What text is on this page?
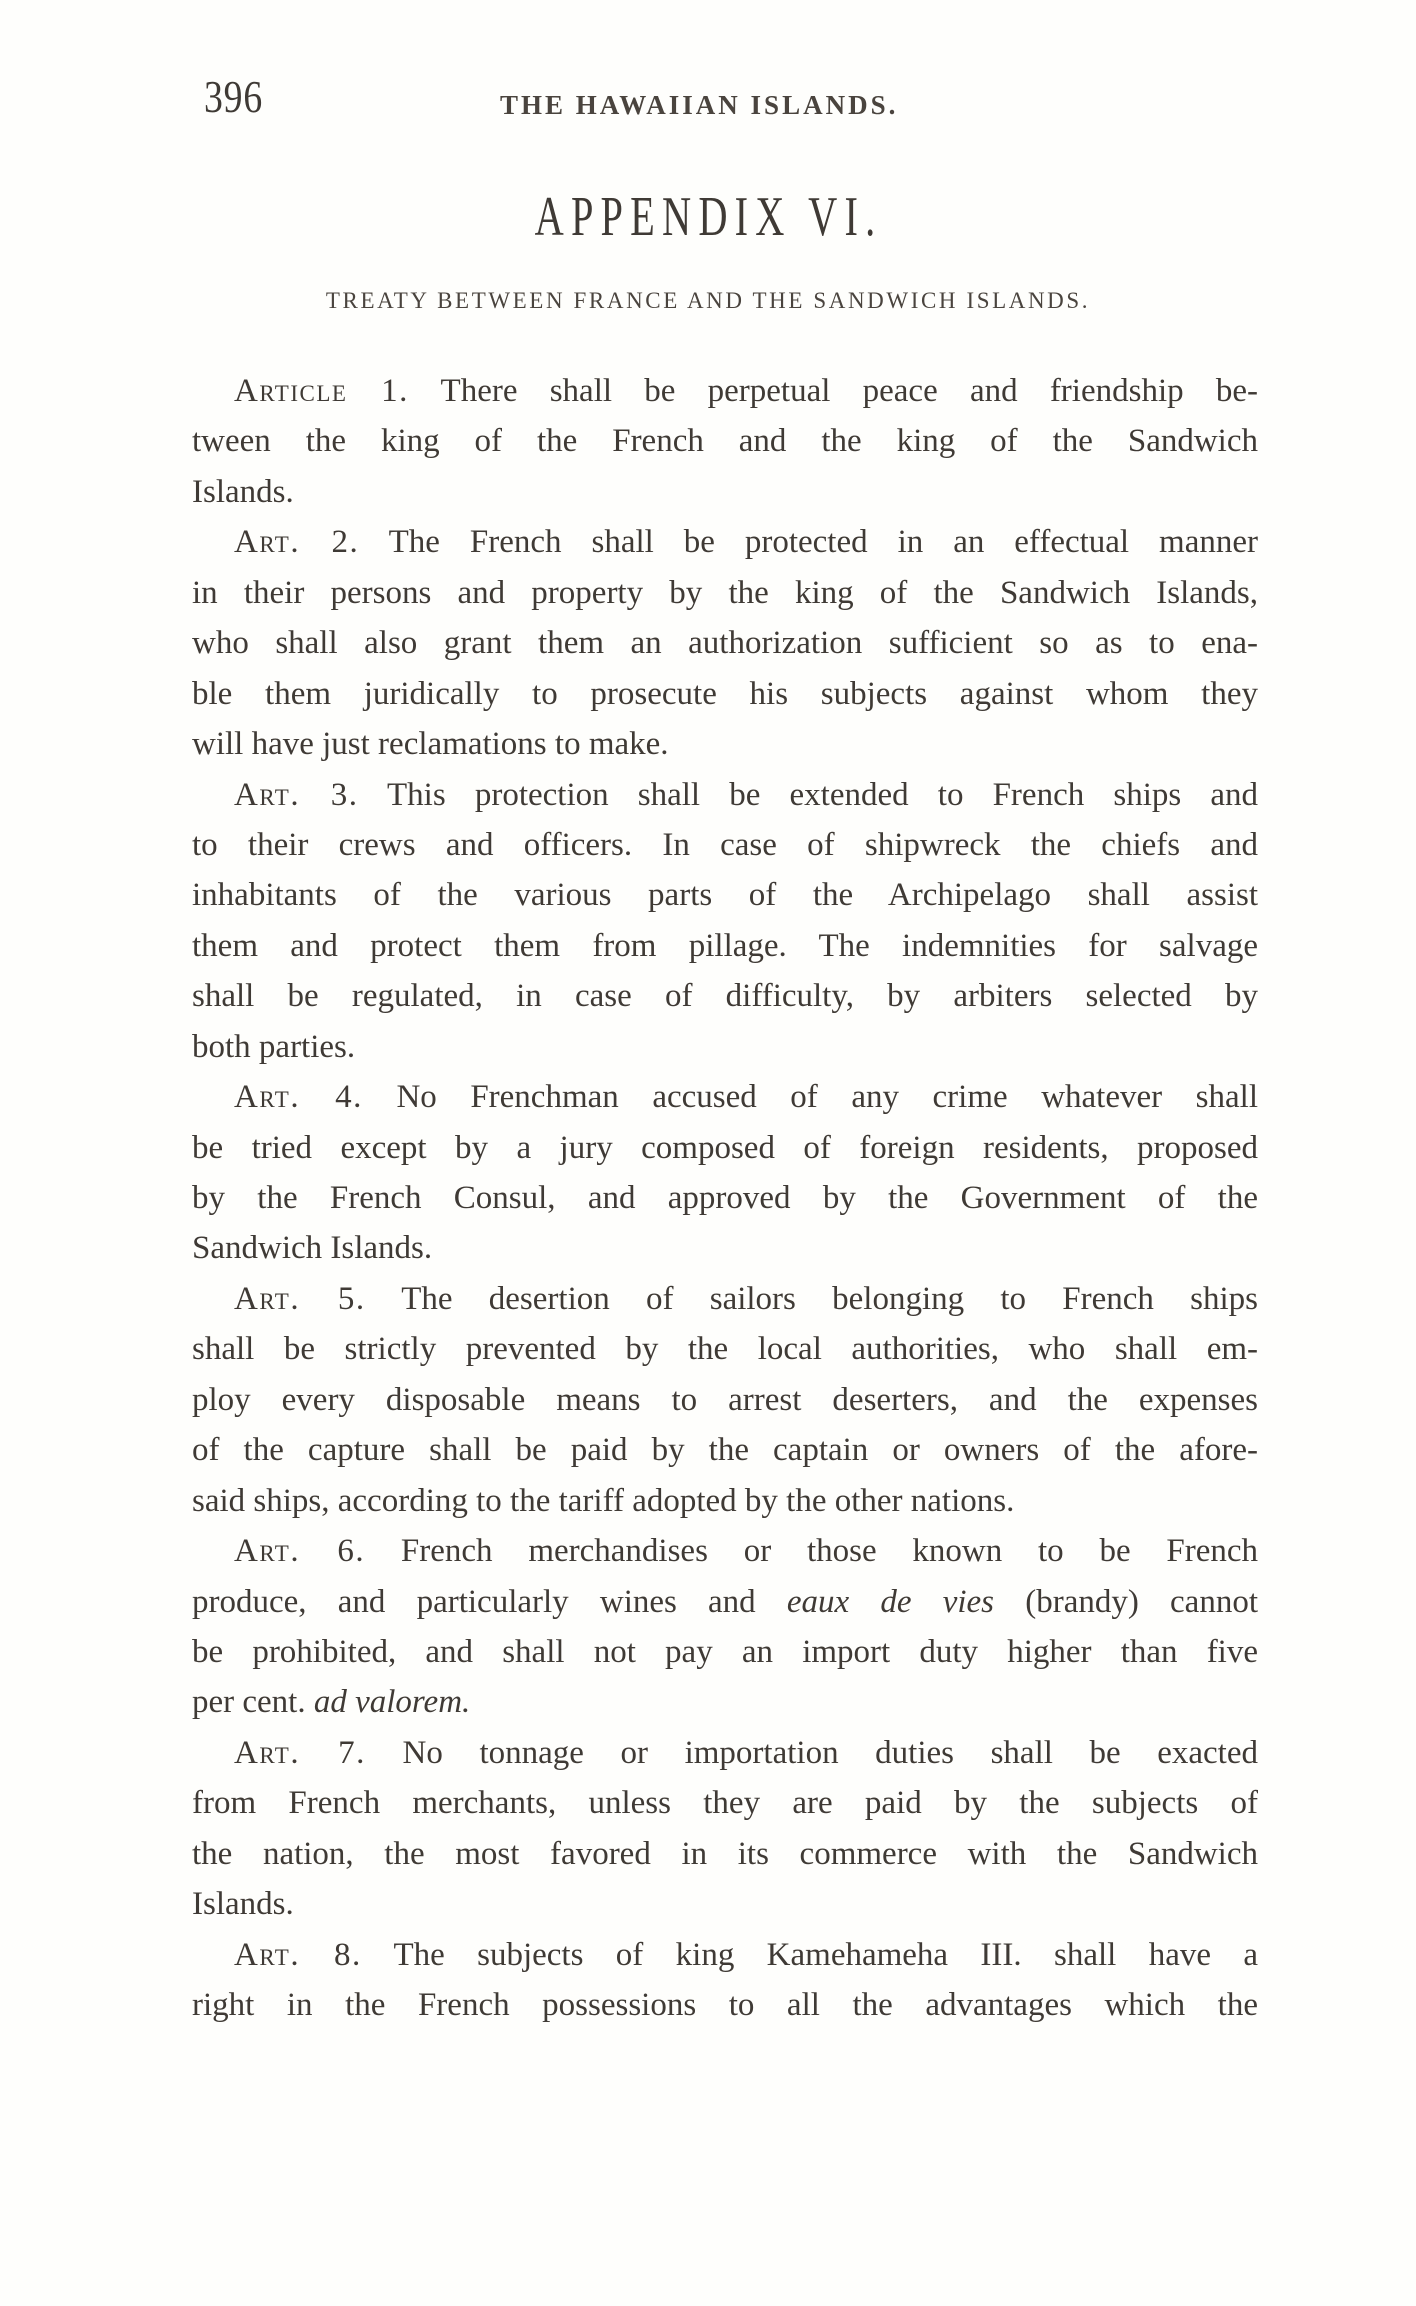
396	THE HAWAIIAN ISLANDS.
APPENDIX VI.
TREATY BETWEEN FRANCE AND THE SANDWICH ISLANDS.
Article 1. There shall be perpetual peace and friendship be-
tween the king of the French and the king of the Sandwich
Islands.
Art. 2. The French shall be protected in an effectual manner
in their persons and property by the king of the Sandwich Islands,
who shall also grant them an authorization sufficient so as to ena-
ble them juridically to prosecute his subjects against whom they
will have just reclamations to make.
Art. 3. This protection shall be extended to French ships and
to their crews and officers. In case of shipwreck the chiefs and
inhabitants of the various parts of the Archipelago shall assist
them and protect them from pillage. The indemnities for salvage
shall be regulated, in case of difficulty, by arbiters selected by
both parties.
Art. 4. No Frenchman accused of any crime whatever shall
be tried except by a jury composed of foreign residents, proposed
by the French Consul, and approved by the Government of the
Sandwich Islands.
Art. 5. The desertion of sailors belonging to French ships
shall be strictly prevented by the local authorities, who shall em-
ploy every disposable means to arrest deserters, and the expenses
of the capture shall be paid by the captain or owners of the afore-
said ships, according to the tariff adopted by the other nations.
Art. 6. French merchandises or those known to be French
produce, and particularly wines and eaux de vies (brandy) cannot
be prohibited, and shall not pay an import duty higher than five
per cent. ad valorem.
Art. 7. No tonnage or importation duties shall be exacted
from French merchants, unless they are paid by the subjects of
the nation, the most favored in its commerce with the Sandwich
Islands.
Art. 8. The subjects of king Kamehameha III. shall have a
right in the French possessions to all the advantages which the
